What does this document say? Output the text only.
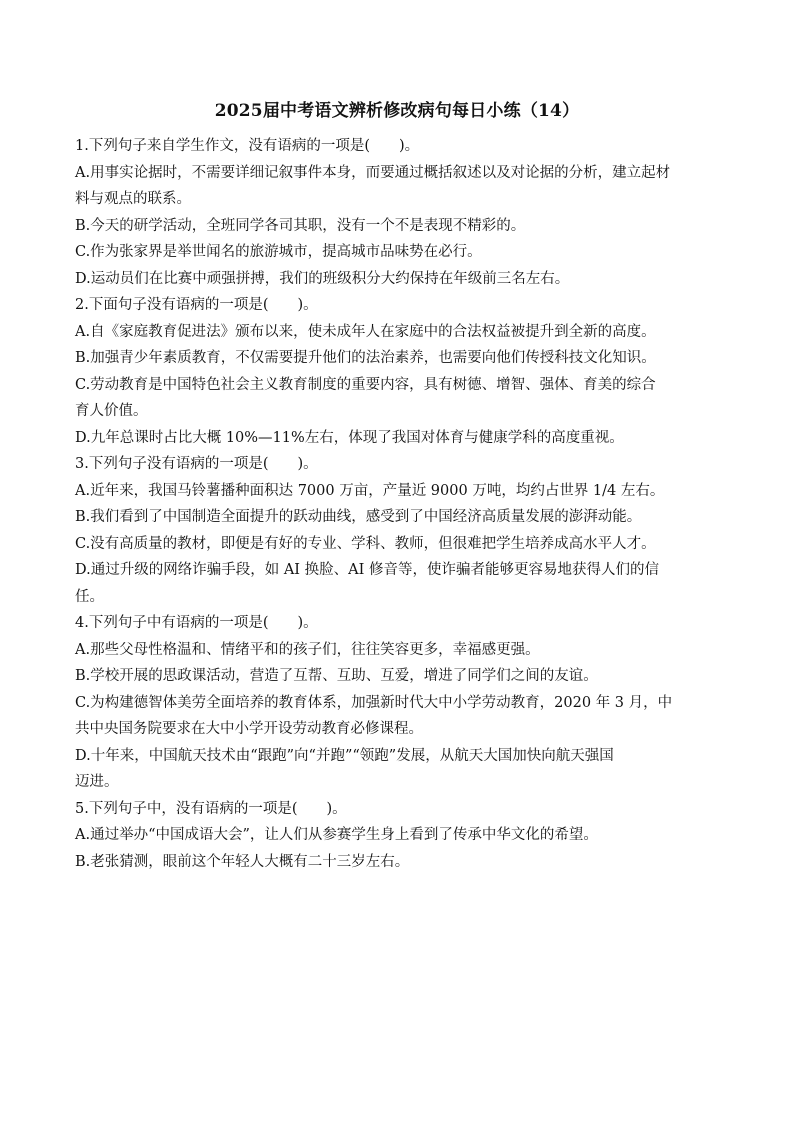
2025届中考语文辨析修改病句每日小练（14）

1.下列句子来自学生作文，没有语病的一项是(　　)。

A.用事实论据时，不需要详细记叙事件本身，而要通过概括叙述以及对论据的分析，建立起材

料与观点的联系。

B.今天的研学活动，全班同学各司其职，没有一个不是表现不精彩的。

C.作为张家界是举世闻名的旅游城市，提高城市品味势在必行。

D.运动员们在比赛中顽强拼搏，我们的班级积分大约保持在年级前三名左右。

2.下面句子没有语病的一项是(　　)。

A.自《家庭教育促进法》颁布以来，使未成年人在家庭中的合法权益被提升到全新的高度。

B.加强青少年素质教育，不仅需要提升他们的法治素养，也需要向他们传授科技文化知识。

C.劳动教育是中国特色社会主义教育制度的重要内容，具有树德、增智、强体、育美的综合

育人价值。

D.九年总课时占比大概 10%—11%左右，体现了我国对体育与健康学科的高度重视。

3.下列句子没有语病的一项是(　　)。

A.近年来，我国马铃薯播种面积达 7000 万亩，产量近 9000 万吨，均约占世界 1/4 左右。

B.我们看到了中国制造全面提升的跃动曲线，感受到了中国经济高质量发展的澎湃动能。

C.没有高质量的教材，即便是有好的专业、学科、教师，但很难把学生培养成高水平人才。

D.通过升级的网络诈骗手段，如 AI 换脸、AI 修音等，使诈骗者能够更容易地获得人们的信

任。

4.下列句子中有语病的一项是(　　)。

A.那些父母性格温和、情绪平和的孩子们，往往笑容更多，幸福感更强。

B.学校开展的思政课活动，营造了互帮、互助、互爱，增进了同学们之间的友谊。

C.为构建德智体美劳全面培养的教育体系，加强新时代大中小学劳动教育，2020 年 3 月，中

共中央国务院要求在大中小学开设劳动教育必修课程。

D.十年来，中国航天技术由“跟跑”向“并跑”“领跑”发展，从航天大国加快向航天强国

迈进。

5.下列句子中，没有语病的一项是(　　)。

A.通过举办“中国成语大会”，让人们从参赛学生身上看到了传承中华文化的希望。

B.老张猜测，眼前这个年轻人大概有二十三岁左右。
